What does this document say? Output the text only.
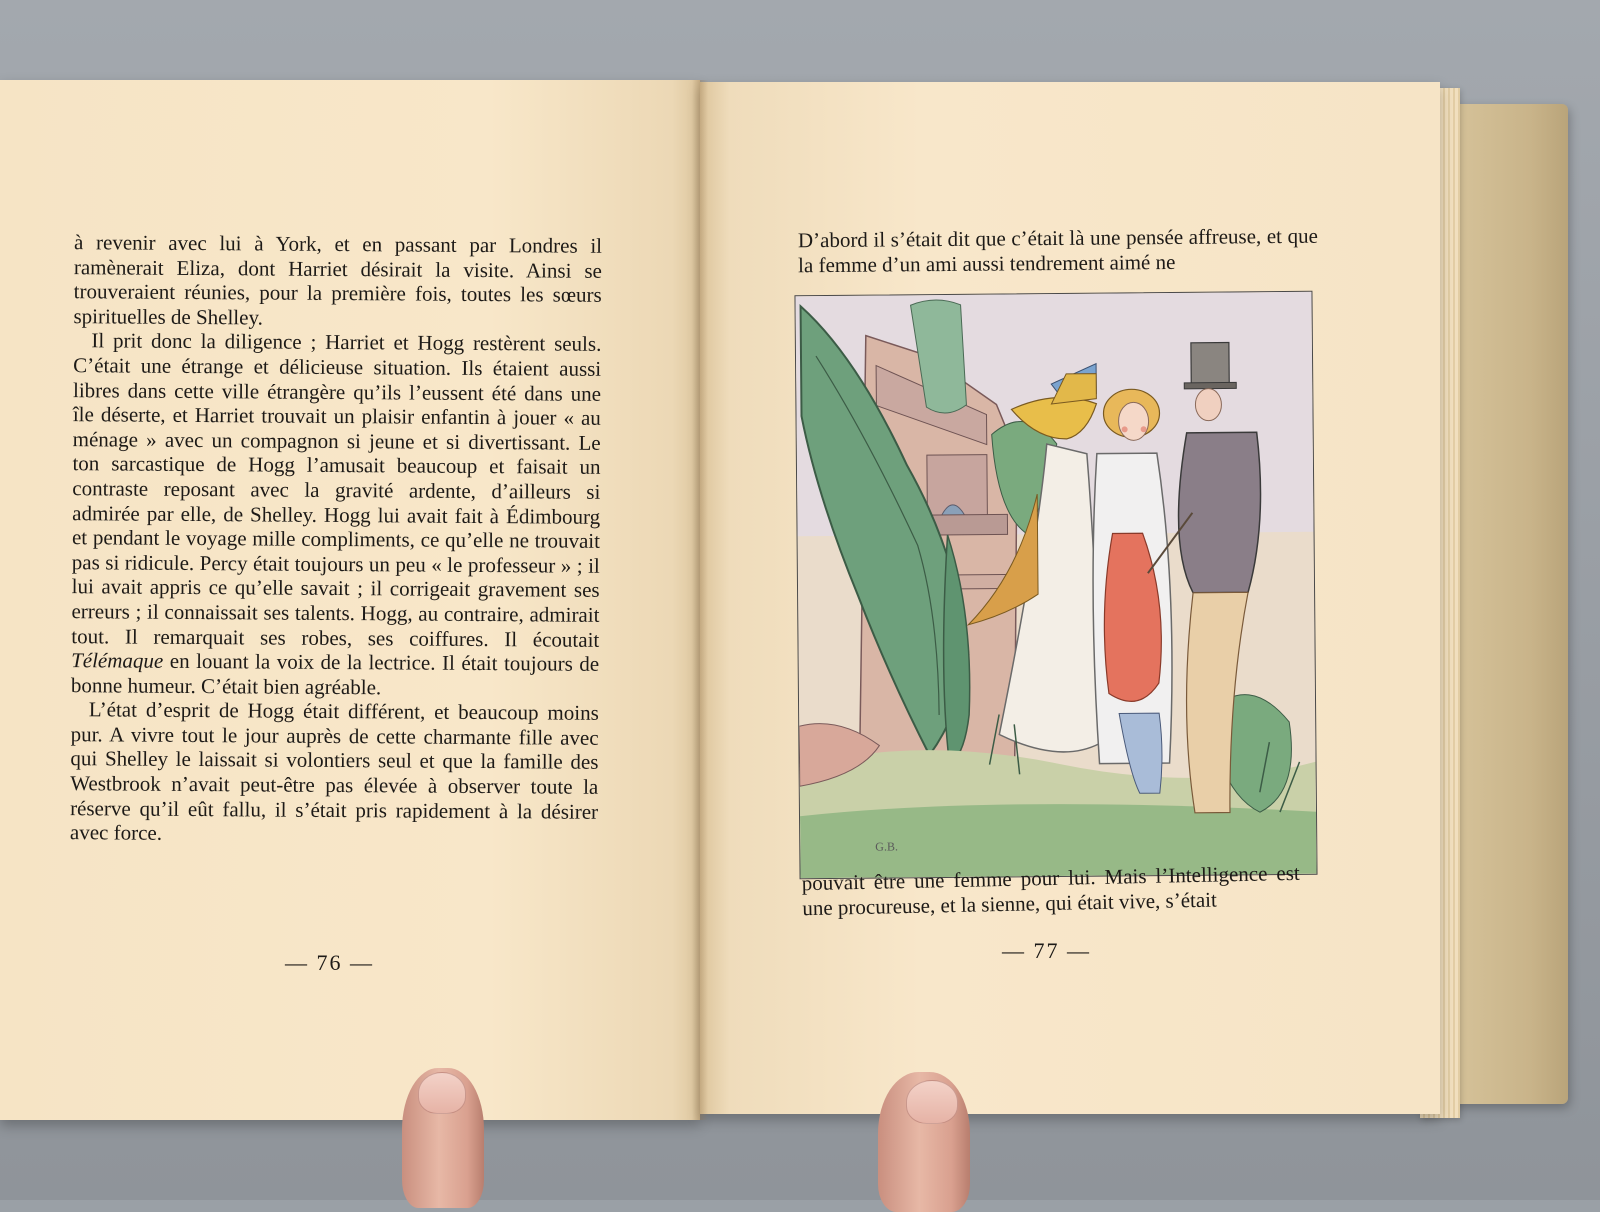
à revenir avec lui à York, et en passant par Londres il ramènerait Eliza, dont Harriet désirait la visite. Ainsi se trouveraient réunies, pour la première fois, toutes les sœurs spirituelles de Shelley.

Il prit donc la diligence ; Harriet et Hogg restèrent seuls. C’était une étrange et délicieuse situation. Ils étaient aussi libres dans cette ville étrangère qu’ils l’eussent été dans une île déserte, et Harriet trouvait un plaisir enfantin à jouer « au ménage » avec un compagnon si jeune et si divertissant. Le ton sarcastique de Hogg l’amusait beaucoup et faisait un contraste reposant avec la gravité ardente, d’ailleurs si admirée par elle, de Shelley. Hogg lui avait fait à Édimbourg et pendant le voyage mille compliments, ce qu’elle ne trouvait pas si ridicule. Percy était toujours un peu « le professeur » ; il lui avait appris ce qu’elle savait ; il corrigeait gravement ses erreurs ; il connaissait ses talents. Hogg, au contraire, admirait tout. Il remarquait ses robes, ses coiffures. Il écoutait Télémaque en louant la voix de la lectrice. Il était toujours de bonne humeur. C’était bien agréable.

L’état d’esprit de Hogg était différent, et beaucoup moins pur. A vivre tout le jour auprès de cette charmante fille avec qui Shelley le laissait si volontiers seul et que la famille des Westbrook n’avait peut-être pas élevée à observer toute la réserve qu’il eût fallu, il s’était pris rapidement à la désirer avec force.

— 76 —
D’abord il s’était dit que c’était là une pensée affreuse, et que la femme d’un ami aussi tendrement aimé ne
G.B.
pouvait être une femme pour lui. Mais l’Intelligence est une procureuse, et la sienne, qui était vive, s’était
— 77 —
